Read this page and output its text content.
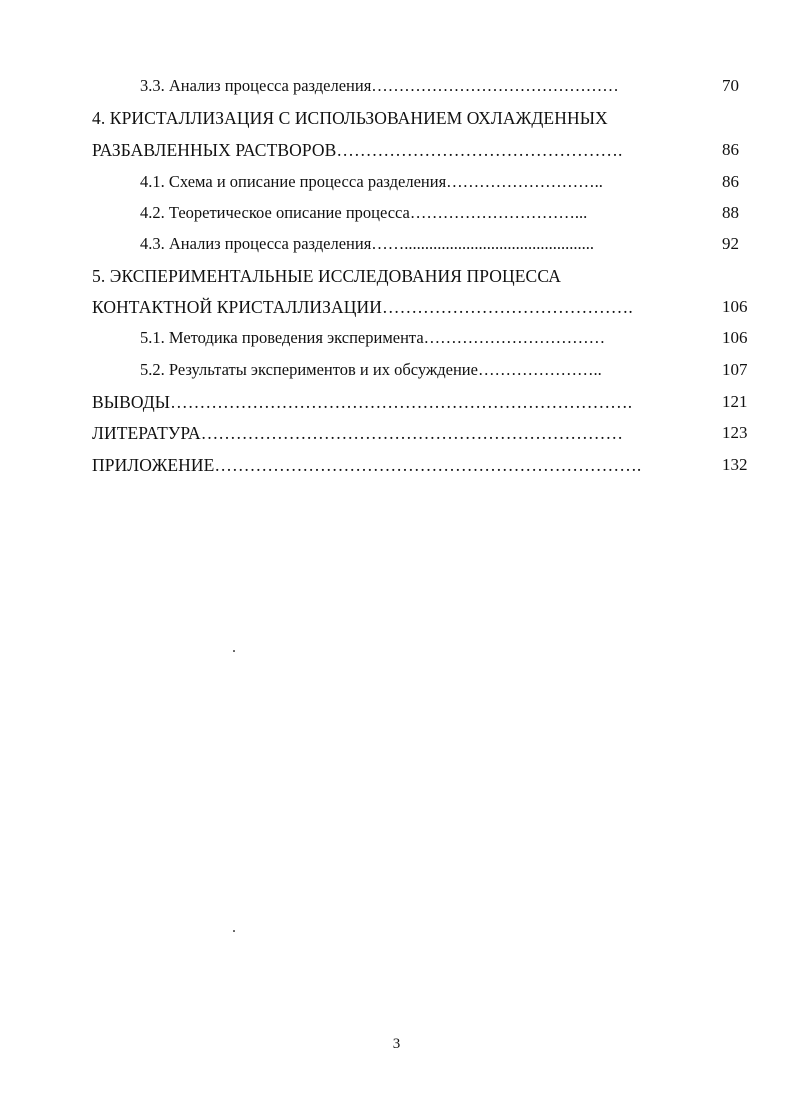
3.3. Анализ процесса разделения………………………………………	70
4. КРИСТАЛЛИЗАЦИЯ С ИСПОЛЬЗОВАНИЕМ ОХЛАЖДЕННЫХ
РАЗБАВЛЕННЫХ РАСТВОРОВ………………………………………….	86
4.1. Схема и описание процесса разделения………………………..	86
4.2. Теоретическое описание процесса…………………………...	88
4.3. Анализ процесса разделения……..............................................	92
5. ЭКСПЕРИМЕНТАЛЬНЫЕ ИССЛЕДОВАНИЯ ПРОЦЕССА
КОНТАКТНОЙ КРИСТАЛЛИЗАЦИИ…………………………………….	106
5.1. Методика проведения эксперимента……………………………	106
5.2. Результаты экспериментов и их обсуждение…………………..	107
ВЫВОДЫ…………………………………………………………………….	121
ЛИТЕРАТУРА………………………………………………………………	123
ПРИЛОЖЕНИЕ……………………………………………………………….	132
3
